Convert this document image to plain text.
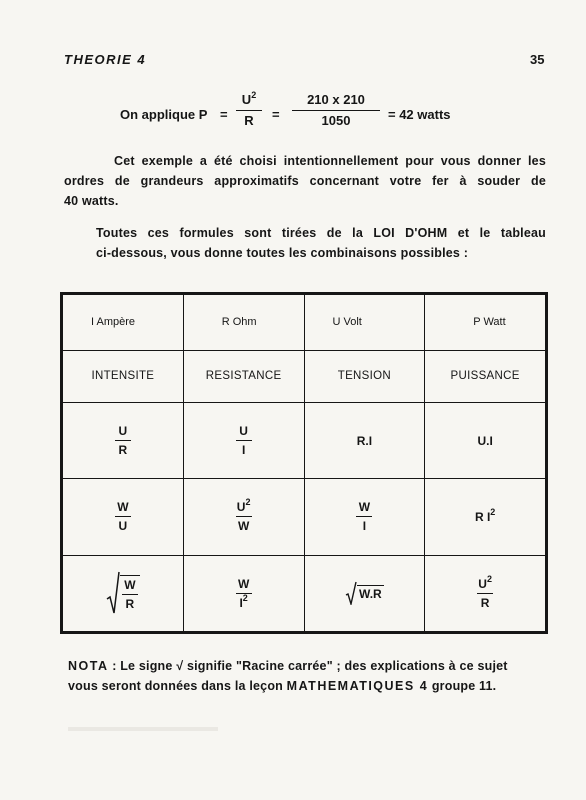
THEORIE 4	35
On applique P =
$U^2$
R	=
210 x 210
1050	= 42 watts
Cet exemple a été choisi intentionnellement pour vous donner les
ordres de grandeurs approximatifs concernant votre fer à souder de
40 watts.
Toutes ces formules sont tirées de la LOI D'OHM et le tableau
ci-dessous, vous donne toutes les combinaisons possibles :
I Ampère	R Ohm	U Volt	P Watt
INTENSITE	RESISTANCE	TENSION	PUISSANCE

$\frac{U}{R}$	$\frac{U}{I}$	R.I	U.I

$\frac{W}{U}$	$\frac{U^2}{W}$	$\frac{W}{I}$	R $I^2$

$\frac{W}{R}$	$\frac{W}{I^2}$	W.R	$\frac{U^2}{R}$
NOTA : Le signe √ signifie "Racine carrée" ; des explications à ce sujet
vous seront données dans la leçon MATHEMATIQUES 4 groupe 11.
